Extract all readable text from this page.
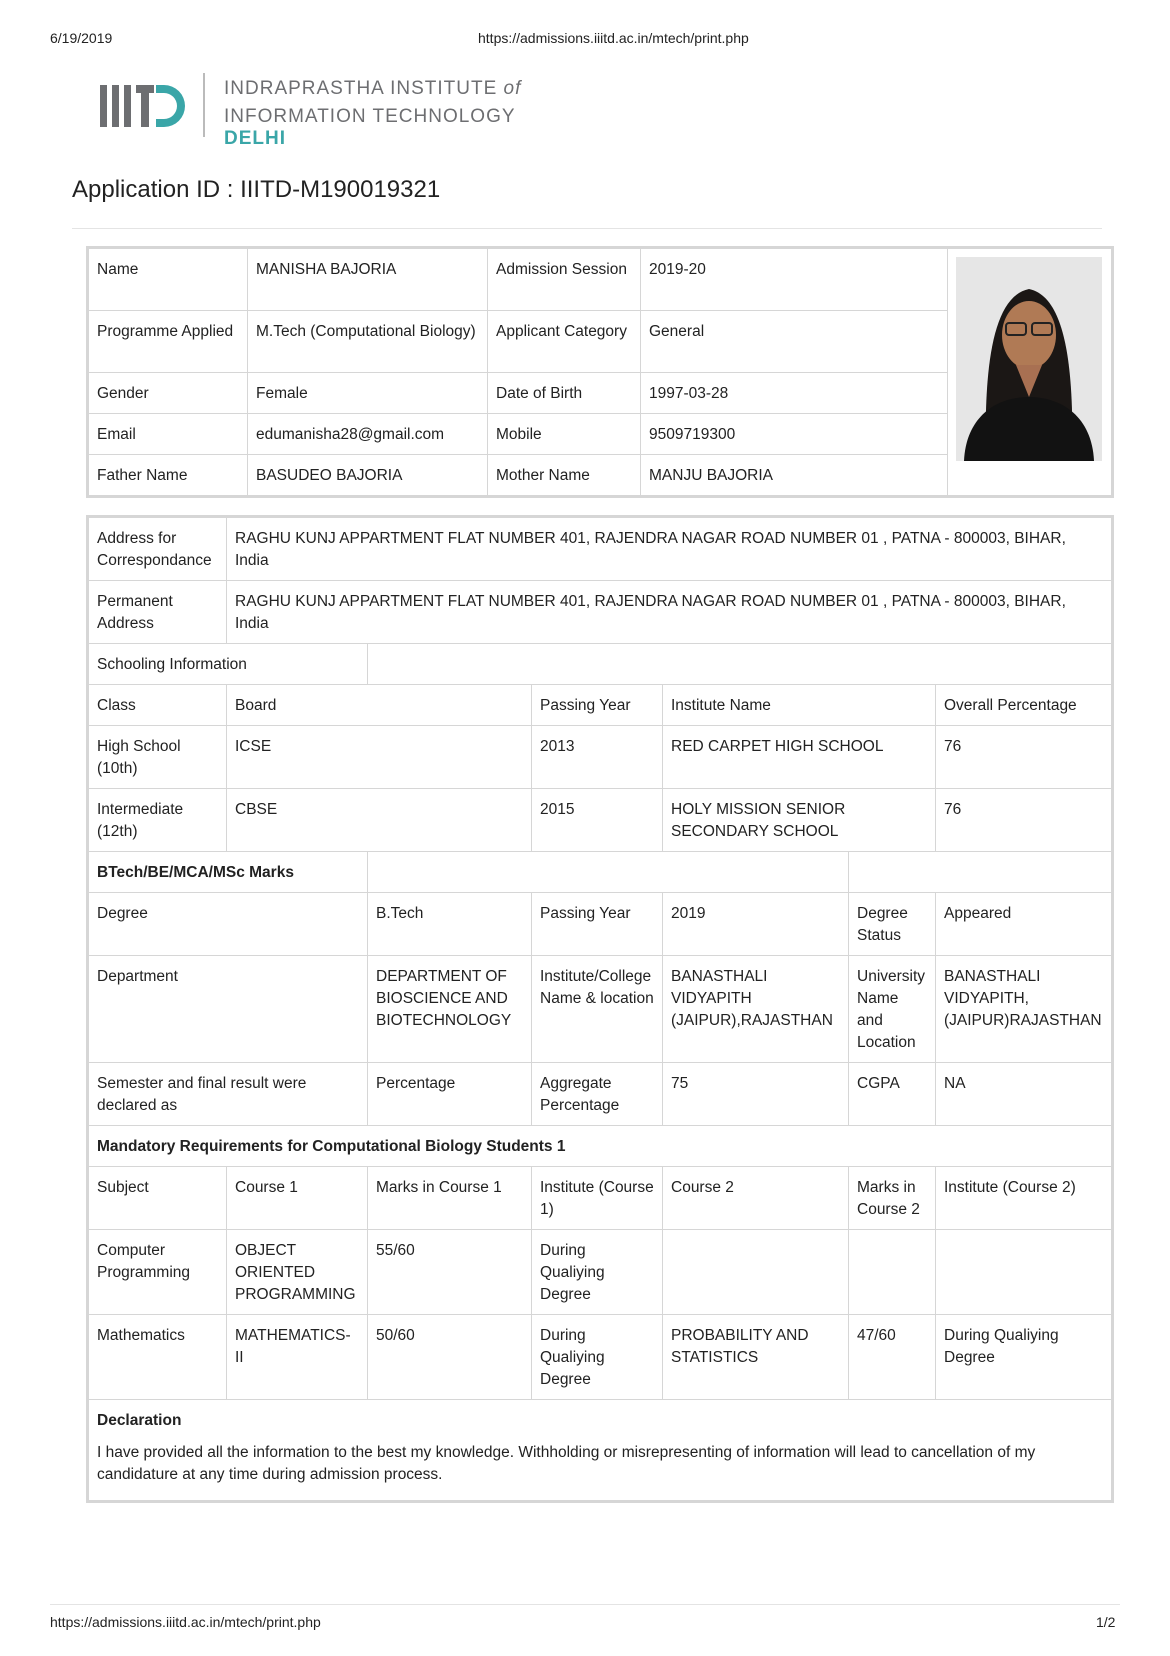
6/19/2019	https://admissions.iiitd.ac.in/mtech/print.php
INDRAPRASTHA INSTITUTE of
INFORMATION TECHNOLOGY DELHI
Application ID : IIITD-M190019321
Name	MANISHA BAJORIA	Admission Session	2019-20	

Programme Applied	M.Tech (Computational Biology)	Applicant Category	General	
Gender	Female	Date of Birth	1997-03-28	
Email	edumanisha28@gmail.com	Mobile	9509719300	
Father Name	BASUDEO BAJORIA	Mother Name	MANJU BAJORIA	
Address for Correspondance	RAGHU KUNJ APPARTMENT FLAT NUMBER 401, RAJENDRA NAGAR ROAD NUMBER 01 , PATNA - 800003, BIHAR, India					
Permanent Address	RAGHU KUNJ APPARTMENT FLAT NUMBER 401, RAJENDRA NAGAR ROAD NUMBER 01 , PATNA - 800003, BIHAR, India					
Schooling Information						
Class	Board		Passing Year	Institute Name		Overall Percentage
High School (10th)	ICSE		2013	RED CARPET HIGH SCHOOL		76
Intermediate (12th)	CBSE		2015	HOLY MISSION SENIOR SECONDARY SCHOOL		76
BTech/BE/MCA/MSc Marks						
Degree		B.Tech	Passing Year	2019	Degree Status	Appeared
Department		DEPARTMENT OF BIOSCIENCE AND BIOTECHNOLOGY	Institute/College Name & location	BANASTHALI VIDYAPITH (JAIPUR),RAJASTHAN	University Name and Location	BANASTHALI VIDYAPITH, (JAIPUR)RAJASTHAN
Semester and final result were declared as		Percentage	Aggregate Percentage	75	CGPA	NA
Mandatory Requirements for Computational Biology Students 1						
Subject	Course 1	Marks in Course 1	Institute (Course 1)	Course 2	Marks in Course 2	Institute (Course 2)
Computer Programming	OBJECT ORIENTED PROGRAMMING	55/60	During Qualiying Degree			
Mathematics	MATHEMATICS-II	50/60	During Qualiying Degree	PROBABILITY AND STATISTICS	47/60	During Qualiying Degree

Declaration
I have provided all the information to the best my knowledge. Withholding or misrepresenting of information will lead to cancellation of my candidature at any time during admission process.						
https://admissions.iiitd.ac.in/mtech/print.php	1/2
